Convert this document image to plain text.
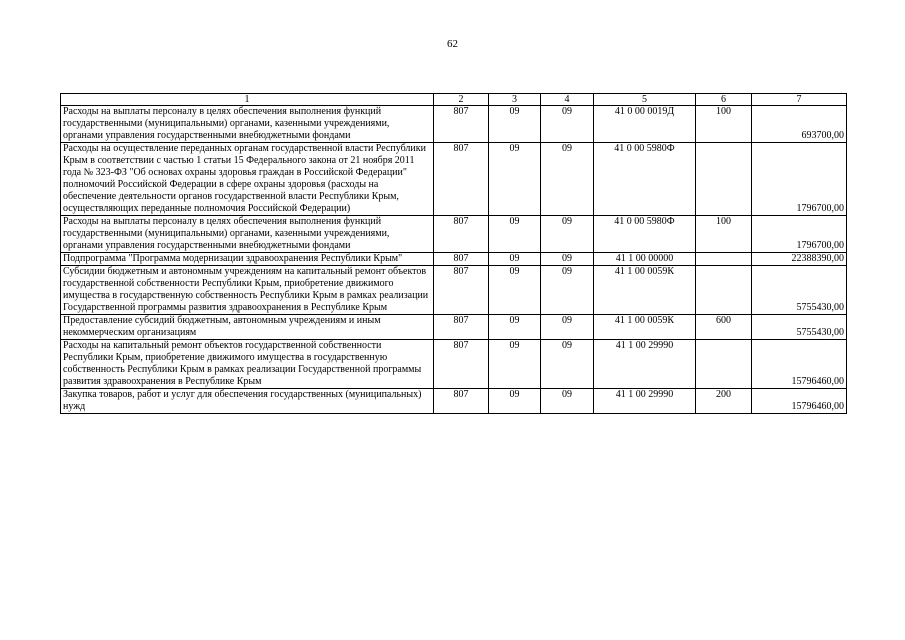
62
1	2	3	4	5	6	7
Расходы на выплаты персоналу в целях обеспечения выполнения функций государственными (муниципальными) органами, казенными учреждениями, органами управления государственными внебюджетными фондами	807	09	09	41 0 00 0019Д	100	693700,00
Расходы на осуществление переданных органам государственной власти Республики Крым в соответствии с частью 1 статьи 15 Федерального закона от 21 ноября 2011 года № 323-ФЗ "Об основах охраны здоровья граждан в Российской Федерации" полномочий Российской Федерации в сфере охраны здоровья (расходы на обеспечение деятельности органов государственной власти Республики Крым, осуществляющих переданные полномочия Российской Федерации)	807	09	09	41 0 00 5980Ф		1796700,00
Расходы на выплаты персоналу в целях обеспечения выполнения функций государственными (муниципальными) органами, казенными учреждениями, органами управления государственными внебюджетными фондами	807	09	09	41 0 00 5980Ф	100	1796700,00
Подпрограмма "Программа модернизации здравоохранения Республики Крым"	807	09	09	41 1 00 00000		22388390,00
Субсидии бюджетным и автономным учреждениям на капитальный ремонт объектов государственной собственности Республики Крым, приобретение движимого имущества в государственную собственность Республики Крым в рамках реализации Государственной программы развития здравоохранения в Республике Крым	807	09	09	41 1 00 0059К		5755430,00
Предоставление субсидий бюджетным, автономным учреждениям и иным некоммерческим организациям	807	09	09	41 1 00 0059К	600	5755430,00
Расходы на капитальный ремонт объектов государственной собственности Республики Крым, приобретение движимого имущества в государственную собственность Республики Крым в рамках реализации Государственной программы развития здравоохранения в Республике Крым	807	09	09	41 1 00 29990		15796460,00
Закупка товаров, работ и услуг для обеспечения государственных (муниципальных) нужд	807	09	09	41 1 00 29990	200	15796460,00
